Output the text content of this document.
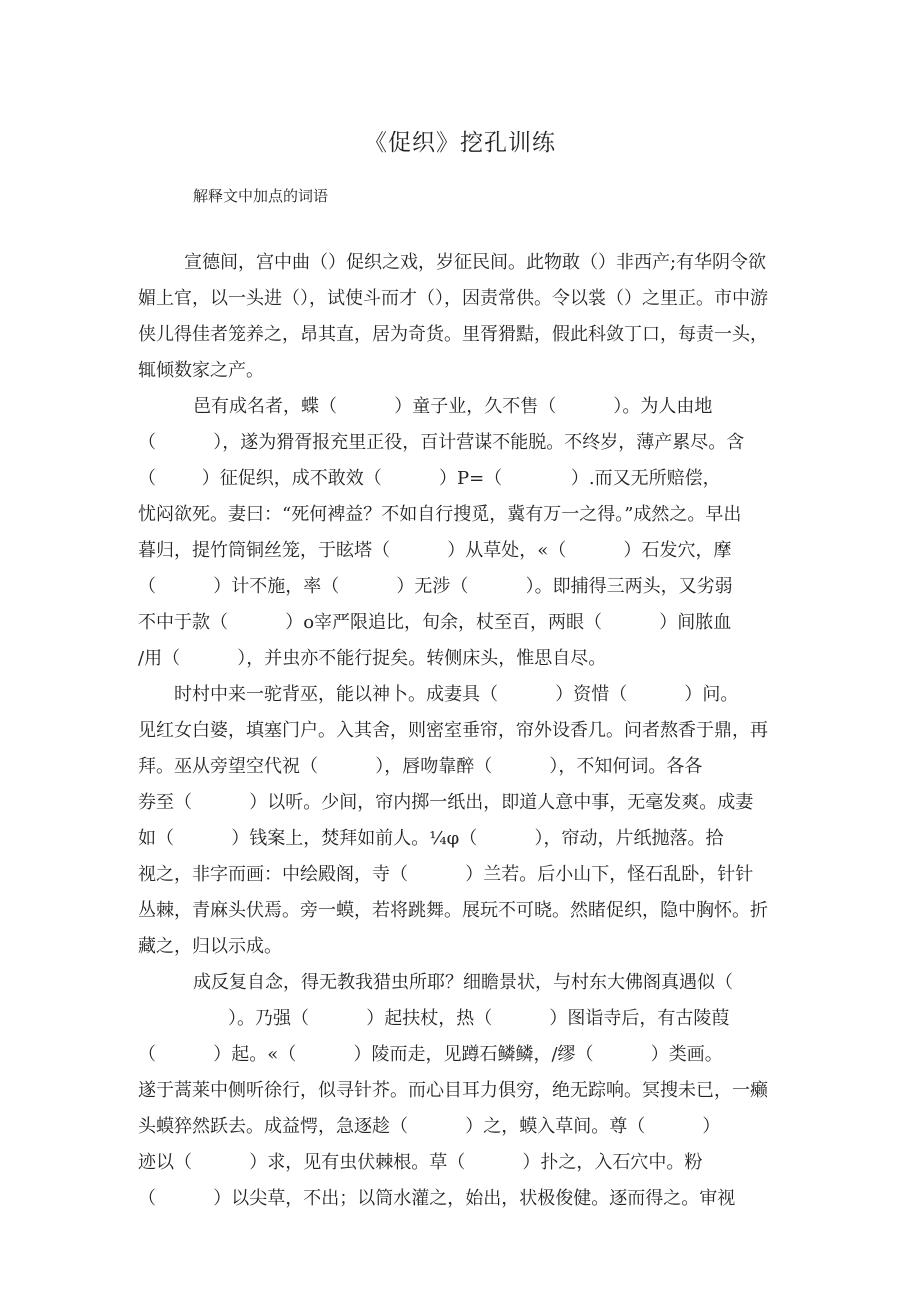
《促织》挖孔训练
解释文中加点的词语
宣德间，宫中曲（）促织之戏，岁征民间。此物敢（）非西产;有华阴令欲
媚上官，以一头进（），试使斗而才（），因责常供。令以裳（）之里正。市中游
侠儿得佳者笼养之，昂其直，居为奇货。里胥猾黠，假此科敛丁口，每责一头，
辄倾数家之产。
邑有成名者，蝶（          ）童子业，久不售（          ）。为人由地
（          ），遂为猾胥报充里正役，百计营谋不能脱。不终岁，薄产累尽。含
（        ）征促织，成不敢效（          ）P=（            ）.而又无所赔偿，
忧闷欲死。妻曰：“死何裨益？不如自行搜觅，冀有万一之得。”成然之。早出
暮归，提竹筒铜丝笼，于眩塔（          ）从草处，«（          ）石发穴，摩
（          ）计不施，率（          ）无涉（          ）。即捕得三两头，又劣弱
不中于款（          ）o宰严限追比，旬余，杖至百，两眼（          ）间脓血
/用（          ），并虫亦不能行捉矣。转侧床头，惟思自尽。
时村中来一驼背巫，能以神卜。成妻具（          ）资惜（          ）问。
见红女白婆，填塞门户。入其舍，则密室垂帘，帘外设香几。问者熬香于鼎，再
拜。巫从旁望空代祝（          ），唇吻靠醉（          ），不知何词。各各
券至（          ）以听。少间，帘内掷一纸出，即道人意中事，无毫发爽。成妻
如（          ）钱案上，焚拜如前人。¼φ（          ），帘动，片纸抛落。拾
视之，非字而画：中绘殿阁，寺（          ）兰若。后小山下，怪石乱卧，针针
丛棘，青麻头伏焉。旁一蟆，若将跳舞。展玩不可晓。然睹促织，隐中胸怀。折
藏之，归以示成。
成反复自念，得无教我猎虫所耶？细瞻景状，与村东大佛阁真遇似（
）。乃强（          ）起扶杖，热（          ）图诣寺后，有古陵葭
（          ）起。«（          ）陵而走，见蹲石鳞鳞，/缪（          ）类画。
遂于蒿莱中侧听徐行，似寻针芥。而心目耳力俱穷，绝无踪响。冥搜未已，一癞
头蟆猝然跃去。成益愕，急逐趁（          ）之，蟆入草间。尊（          ）
迹以（          ）求，见有虫伏棘根。草（          ）扑之，入石穴中。粉
（          ）以尖草，不出；以筒水灌之，始出，状极俊健。逐而得之。审视
